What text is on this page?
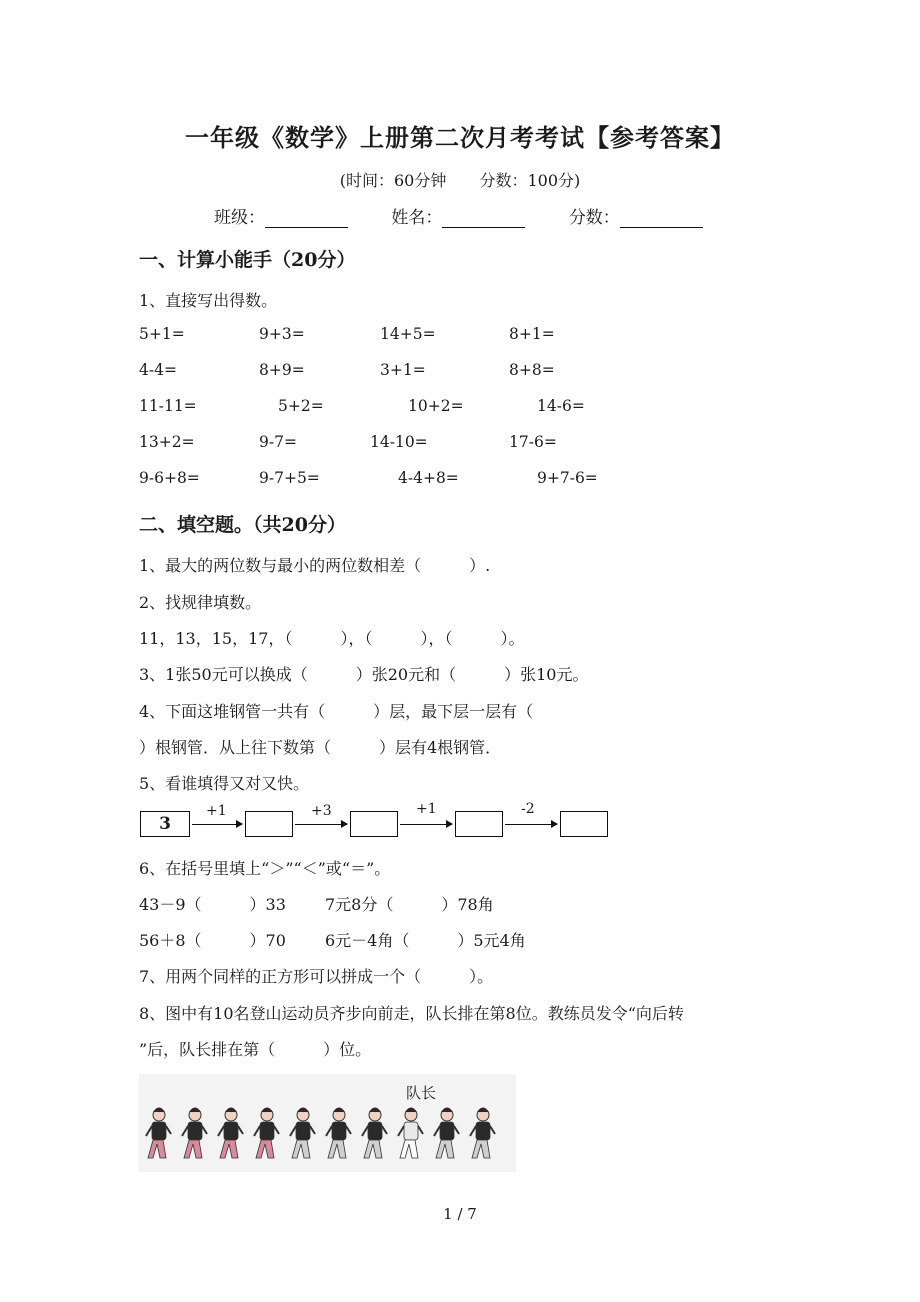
一年级《数学》上册第二次月考考试【参考答案】
(时间：60分钟 分数：100分)
班级：	姓名：	分数：
一、计算小能手（20分）
1、直接写出得数。
5+1=	9+3=	14+5=	8+1=
4-4=	8+9=	3+1=	8+8=
11-11=	5+2=	10+2=	14-6=
13+2=	9-7=	14-10=	17-6=
9-6+8=	9-7+5=	4-4+8=	9+7-6=
二、填空题。（共20分）
1、最大的两位数与最小的两位数相差（　　　）.
2、找规律填数。
11，13，15，17，（　　　），（　　　），（　　　）。
3、1张50元可以换成（　　　）张20元和（　　　）张10元。
4、下面这堆钢管一共有（　　　）层，最下层一层有（
）根钢管．从上往下数第（　　　）层有4根钢管．
5、看谁填得又对又快。
3
+1	+3	+1	-2
6、在括号里填上“＞”“＜”或“＝”。
43－9（　　　）33 7元8分（　　　）78角
56＋8（　　　）70 6元－4角（　　　）5元4角
7、用两个同样的正方形可以拼成一个（　　　）。
8、图中有10名登山运动员齐步向前走，队长排在第8位。教练员发令“向后转
”后，队长排在第（　　　）位。
队长
1 / 7
